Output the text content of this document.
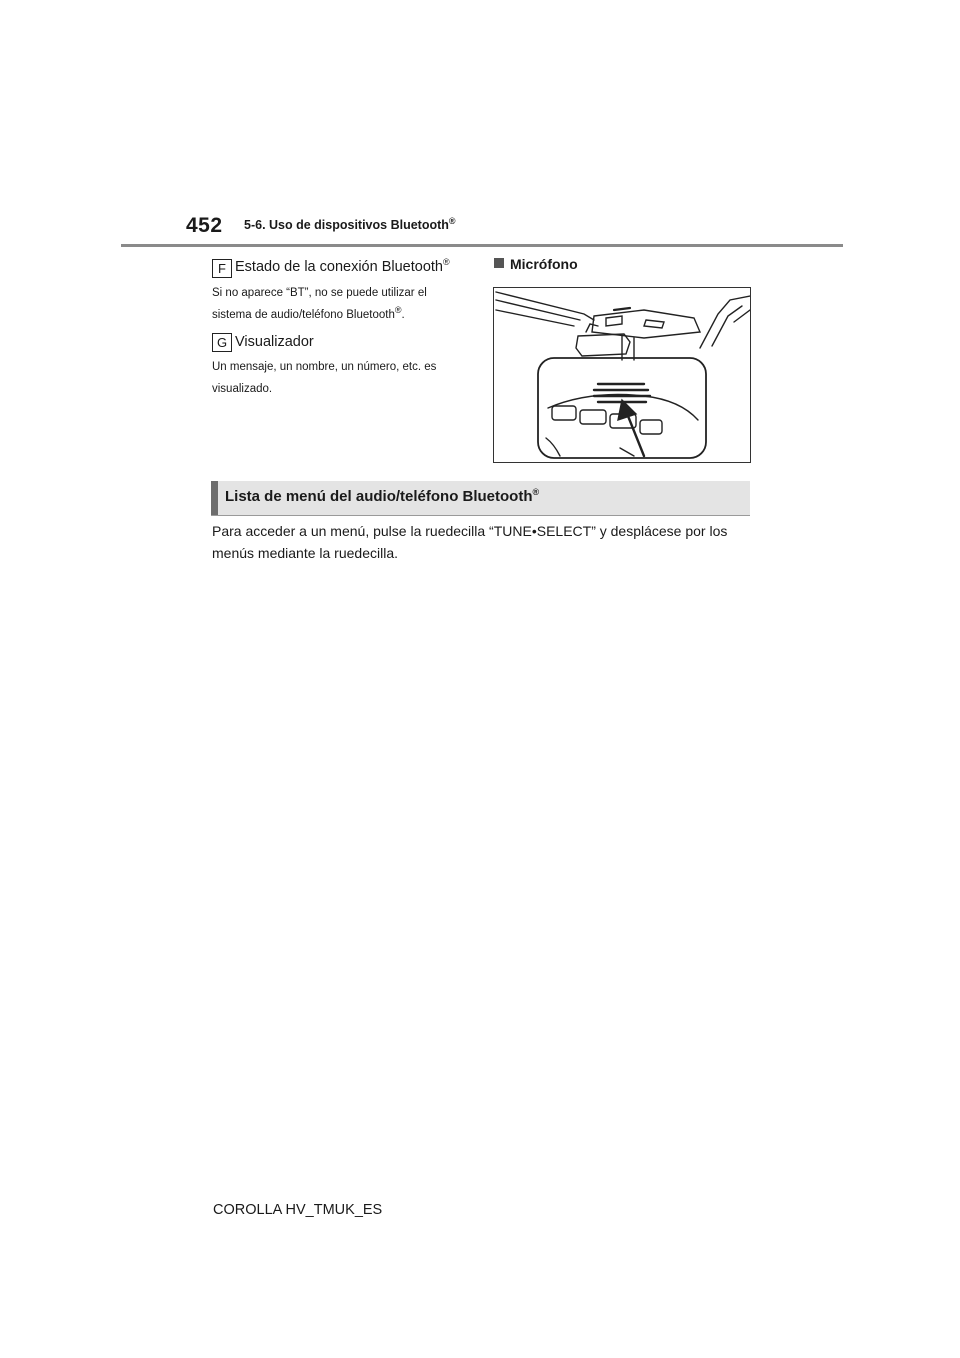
452 5-6. Uso de dispositivos Bluetooth®
F Estado de la conexión Bluetooth®
Si no aparece “BT”, no se puede utilizar el
sistema de audio/teléfono Bluetooth®.
G Visualizador
Un mensaje, un nombre, un número, etc. es
visualizado.
Micrófono
Lista de menú del audio/teléfono Bluetooth®
Para acceder a un menú, pulse la ruedecilla “TUNE•SELECT” y desplácese por los menús mediante la ruedecilla.
COROLLA HV_TMUK_ES
